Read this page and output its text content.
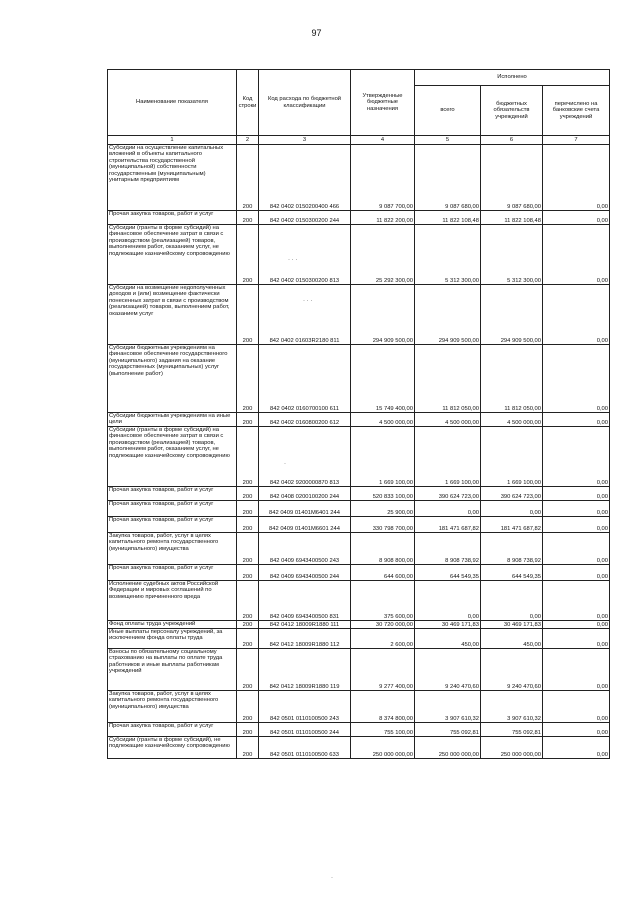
97
Наименование показателя	Код строки	Код расхода по бюджетной классификации	Утвержденные бюджетные назначения	Исполнено		
				всего	бюджетных обязательств учреждений	перечислено на банковские счета учреждений
1	2	3	4	5	6	7
Субсидии на осуществление капитальных вложений в объекты капитального строительства государственной (муниципальной) собственности государственным (муниципальным) унитарным предприятиям	200	842 0402 0150200400 466	9 087 700,00	9 087 680,00	9 087 680,00	0,00
Прочая закупка товаров, работ и услуг	200	842 0402 0150300200 244	11 822 200,00	11 822 108,48	11 822 108,48	0,00
Субсидии (гранты в форме субсидий) на финансовое обеспечение затрат в связи с производством (реализацией) товаров, выполнением работ, оказанием услуг, не подлежащие казначейскому сопровождению	200	842 0402 0150300200 813	25 292 300,00	5 312 300,00	5 312 300,00	0,00
Субсидии на возмещение недополученных доходов и (или) возмещение фактически понесенных затрат в связи с производством (реализацией) товаров, выполнением работ, оказанием услуг	200	842 0402 01603R2180 811	294 909 500,00	294 909 500,00	294 909 500,00	0,00
Субсидии бюджетным учреждениям на финансовое обеспечение государственного (муниципального) задания на оказание государственных (муниципальных) услуг (выполнение работ)	200	842 0402 0160700100 611	15 749 400,00	11 812 050,00	11 812 050,00	0,00
Субсидии бюджетным учреждениям на иные цели	200	842 0402 0160800200 612	4 500 000,00	4 500 000,00	4 500 000,00	0,00
Субсидии (гранты в форме субсидий) на финансовое обеспечение затрат в связи с производством (реализацией) товаров, выполнением работ, оказанием услуг, не подлежащие казначейскому сопровождению	200	842 0402 9200000870 813	1 669 100,00	1 669 100,00	1 669 100,00	0,00
Прочая закупка товаров, работ и услуг	200	842 0408 0200100200 244	520 833 100,00	390 624 723,00	390 624 723,00	0,00
Прочая закупка товаров, работ и услуг	200	842 0409 01401M6401 244	25 900,00	0,00	0,00	0,00
Прочая закупка товаров, работ и услуг	200	842 0409 01401M6601 244	330 798 700,00	181 471 687,82	181 471 687,82	0,00
Закупка товаров, работ, услуг в целях капитального ремонта государственного (муниципального) имущества	200	842 0409 6943400500 243	8 908 800,00	8 908 738,92	8 908 738,92	0,00
Прочая закупка товаров, работ и услуг	200	842 0409 6943400500 244	644 600,00	644 549,35	644 549,35	0,00
Исполнение судебных актов Российской Федерации и мировых соглашений по возмещению причиненного вреда	200	842 0409 6943400500 831	375 600,00	0,00	0,00	0,00
Фонд оплаты труда учреждений	200	842 0412 18009R1880 111	30 720 000,00	30 469 171,83	30 469 171,83	0,00
Иные выплаты персоналу учреждений, за исключением фонда оплаты труда	200	842 0412 18009R1880 112	2 600,00	450,00	450,00	0,00
Взносы по обязательному социальному страхованию на выплаты по оплате труда работников и иные выплаты работникам учреждений	200	842 0412 18009R1880 119	9 277 400,00	9 240 470,60	9 240 470,60	0,00
Закупка товаров, работ, услуг в целях капитального ремонта государственного (муниципального) имущества	200	842 0501 0110100500 243	8 374 800,00	3 907 610,32	3 907 610,32	0,00
Прочая закупка товаров, работ и услуг	200	842 0501 0110100500 244	755 100,00	755 092,81	755 092,81	0,00
Субсидии (гранты в форме субсидий), не подлежащие казначейскому сопровождению	200	842 0501 0110100500 633	250 000 000,00	250 000 000,00	250 000 000,00	0,00
· · ·
· · ·
·
·
